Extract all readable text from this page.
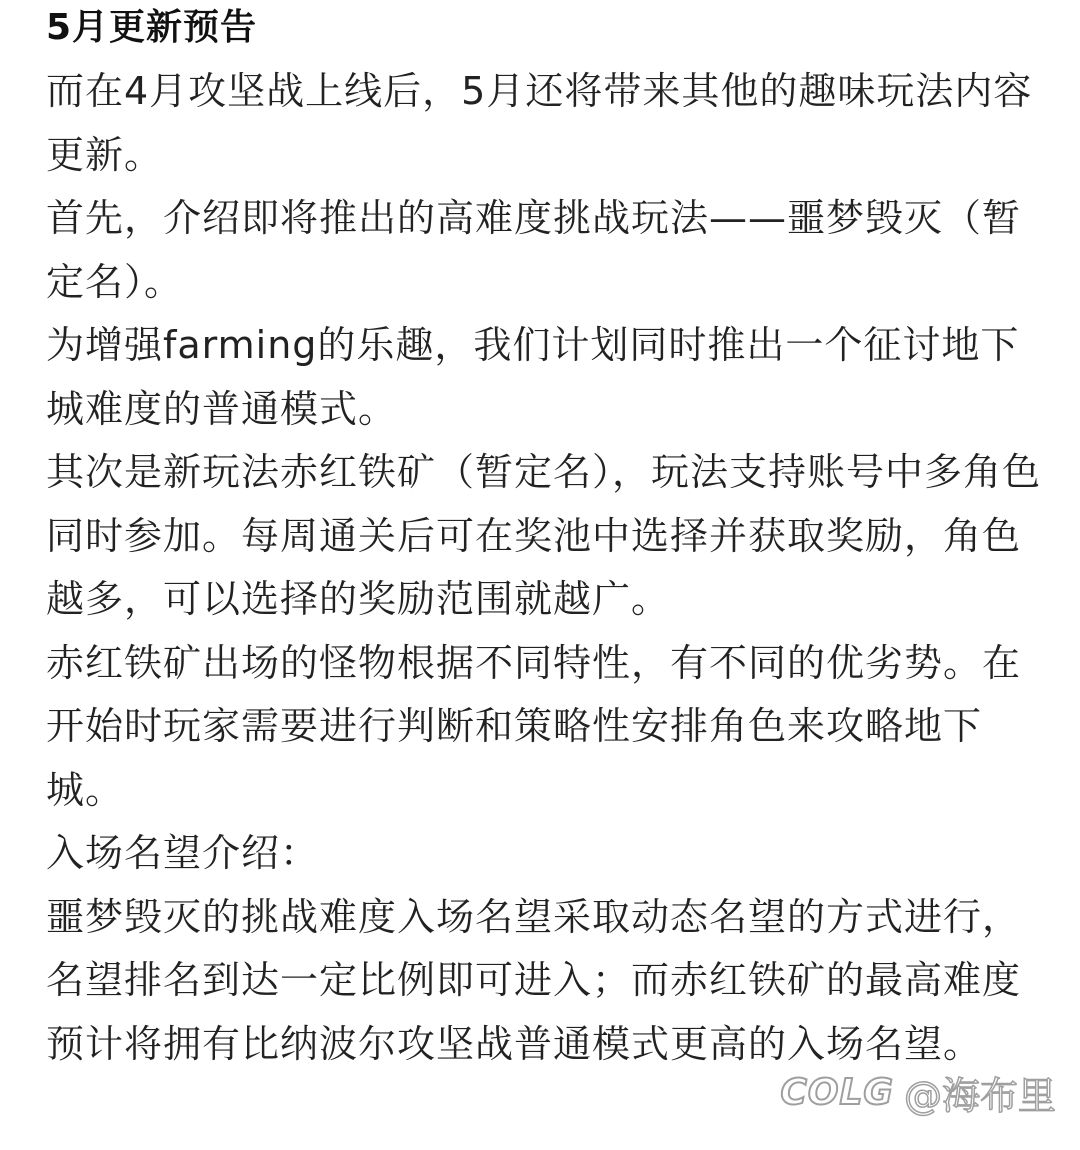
5月更新预告

而在4月攻坚战上线后，5月还将带来其他的趣味玩法内容更新。

首先，介绍即将推出的高难度挑战玩法——噩梦毁灭（暂定名）。

为增强farming的乐趣，我们计划同时推出一个征讨地下城难度的普通模式。

其次是新玩法赤红铁矿（暂定名），玩法支持账号中多角色同时参加。每周通关后可在奖池中选择并获取奖励，角色越多，可以选择的奖励范围就越广。

赤红铁矿出场的怪物根据不同特性，有不同的优劣势。在开始时玩家需要进行判断和策略性安排角色来攻略地下城。

入场名望介绍：

噩梦毁灭的挑战难度入场名望采取动态名望的方式进行，名望排名到达一定比例即可进入；而赤红铁矿的最高难度预计将拥有比纳波尔攻坚战普通模式更高的入场名望。

COLG @海布里
